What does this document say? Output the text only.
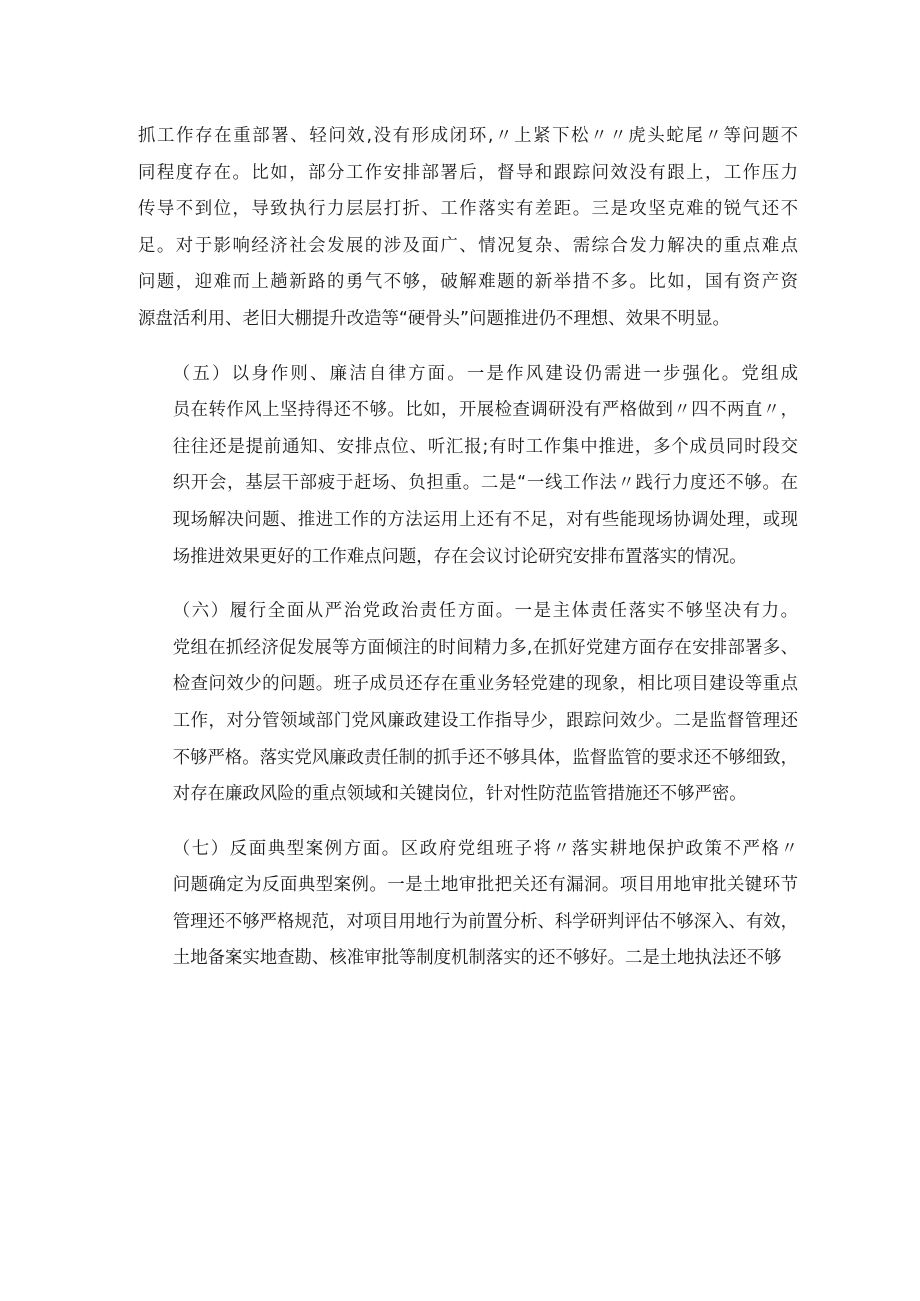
抓工作存在重部署、轻问效,没有形成闭环,〃上紧下松〃〃虎头蛇尾〃等问题不
同程度存在。比如，部分工作安排部署后，督导和跟踪问效没有跟上，工作压力
传导不到位，导致执行力层层打折、工作落实有差距。三是攻坚克难的锐气还不
足。对于影响经济社会发展的涉及面广、情况复杂、需综合发力解决的重点难点
问题，迎难而上趟新路的勇气不够，破解难题的新举措不多。比如，国有资产资
源盘活利用、老旧大棚提升改造等“硬骨头”问题推进仍不理想、效果不明显。
（五）以身作则、廉洁自律方面。一是作风建设仍需进一步强化。党组成
员在转作风上坚持得还不够。比如，开展检查调研没有严格做到〃四不两直〃，
往往还是提前通知、安排点位、听汇报;有时工作集中推进，多个成员同时段交
织开会，基层干部疲于赶场、负担重。二是“一线工作法〃践行力度还不够。在
现场解决问题、推进工作的方法运用上还有不足，对有些能现场协调处理，或现
场推进效果更好的工作难点问题，存在会议讨论研究安排布置落实的情况。
（六）履行全面从严治党政治责任方面。一是主体责任落实不够坚决有力。
党组在抓经济促发展等方面倾注的时间精力多,在抓好党建方面存在安排部署多、
检查问效少的问题。班子成员还存在重业务轻党建的现象，相比项目建设等重点
工作，对分管领域部门党风廉政建设工作指导少，跟踪问效少。二是监督管理还
不够严格。落实党风廉政责任制的抓手还不够具体，监督监管的要求还不够细致，
对存在廉政风险的重点领域和关键岗位，针对性防范监管措施还不够严密。
（七）反面典型案例方面。区政府党组班子将〃落实耕地保护政策不严格〃
问题确定为反面典型案例。一是土地审批把关还有漏洞。项目用地审批关键环节
管理还不够严格规范，对项目用地行为前置分析、科学研判评估不够深入、有效，
土地备案实地查勘、核准审批等制度机制落实的还不够好。二是土地执法还不够
